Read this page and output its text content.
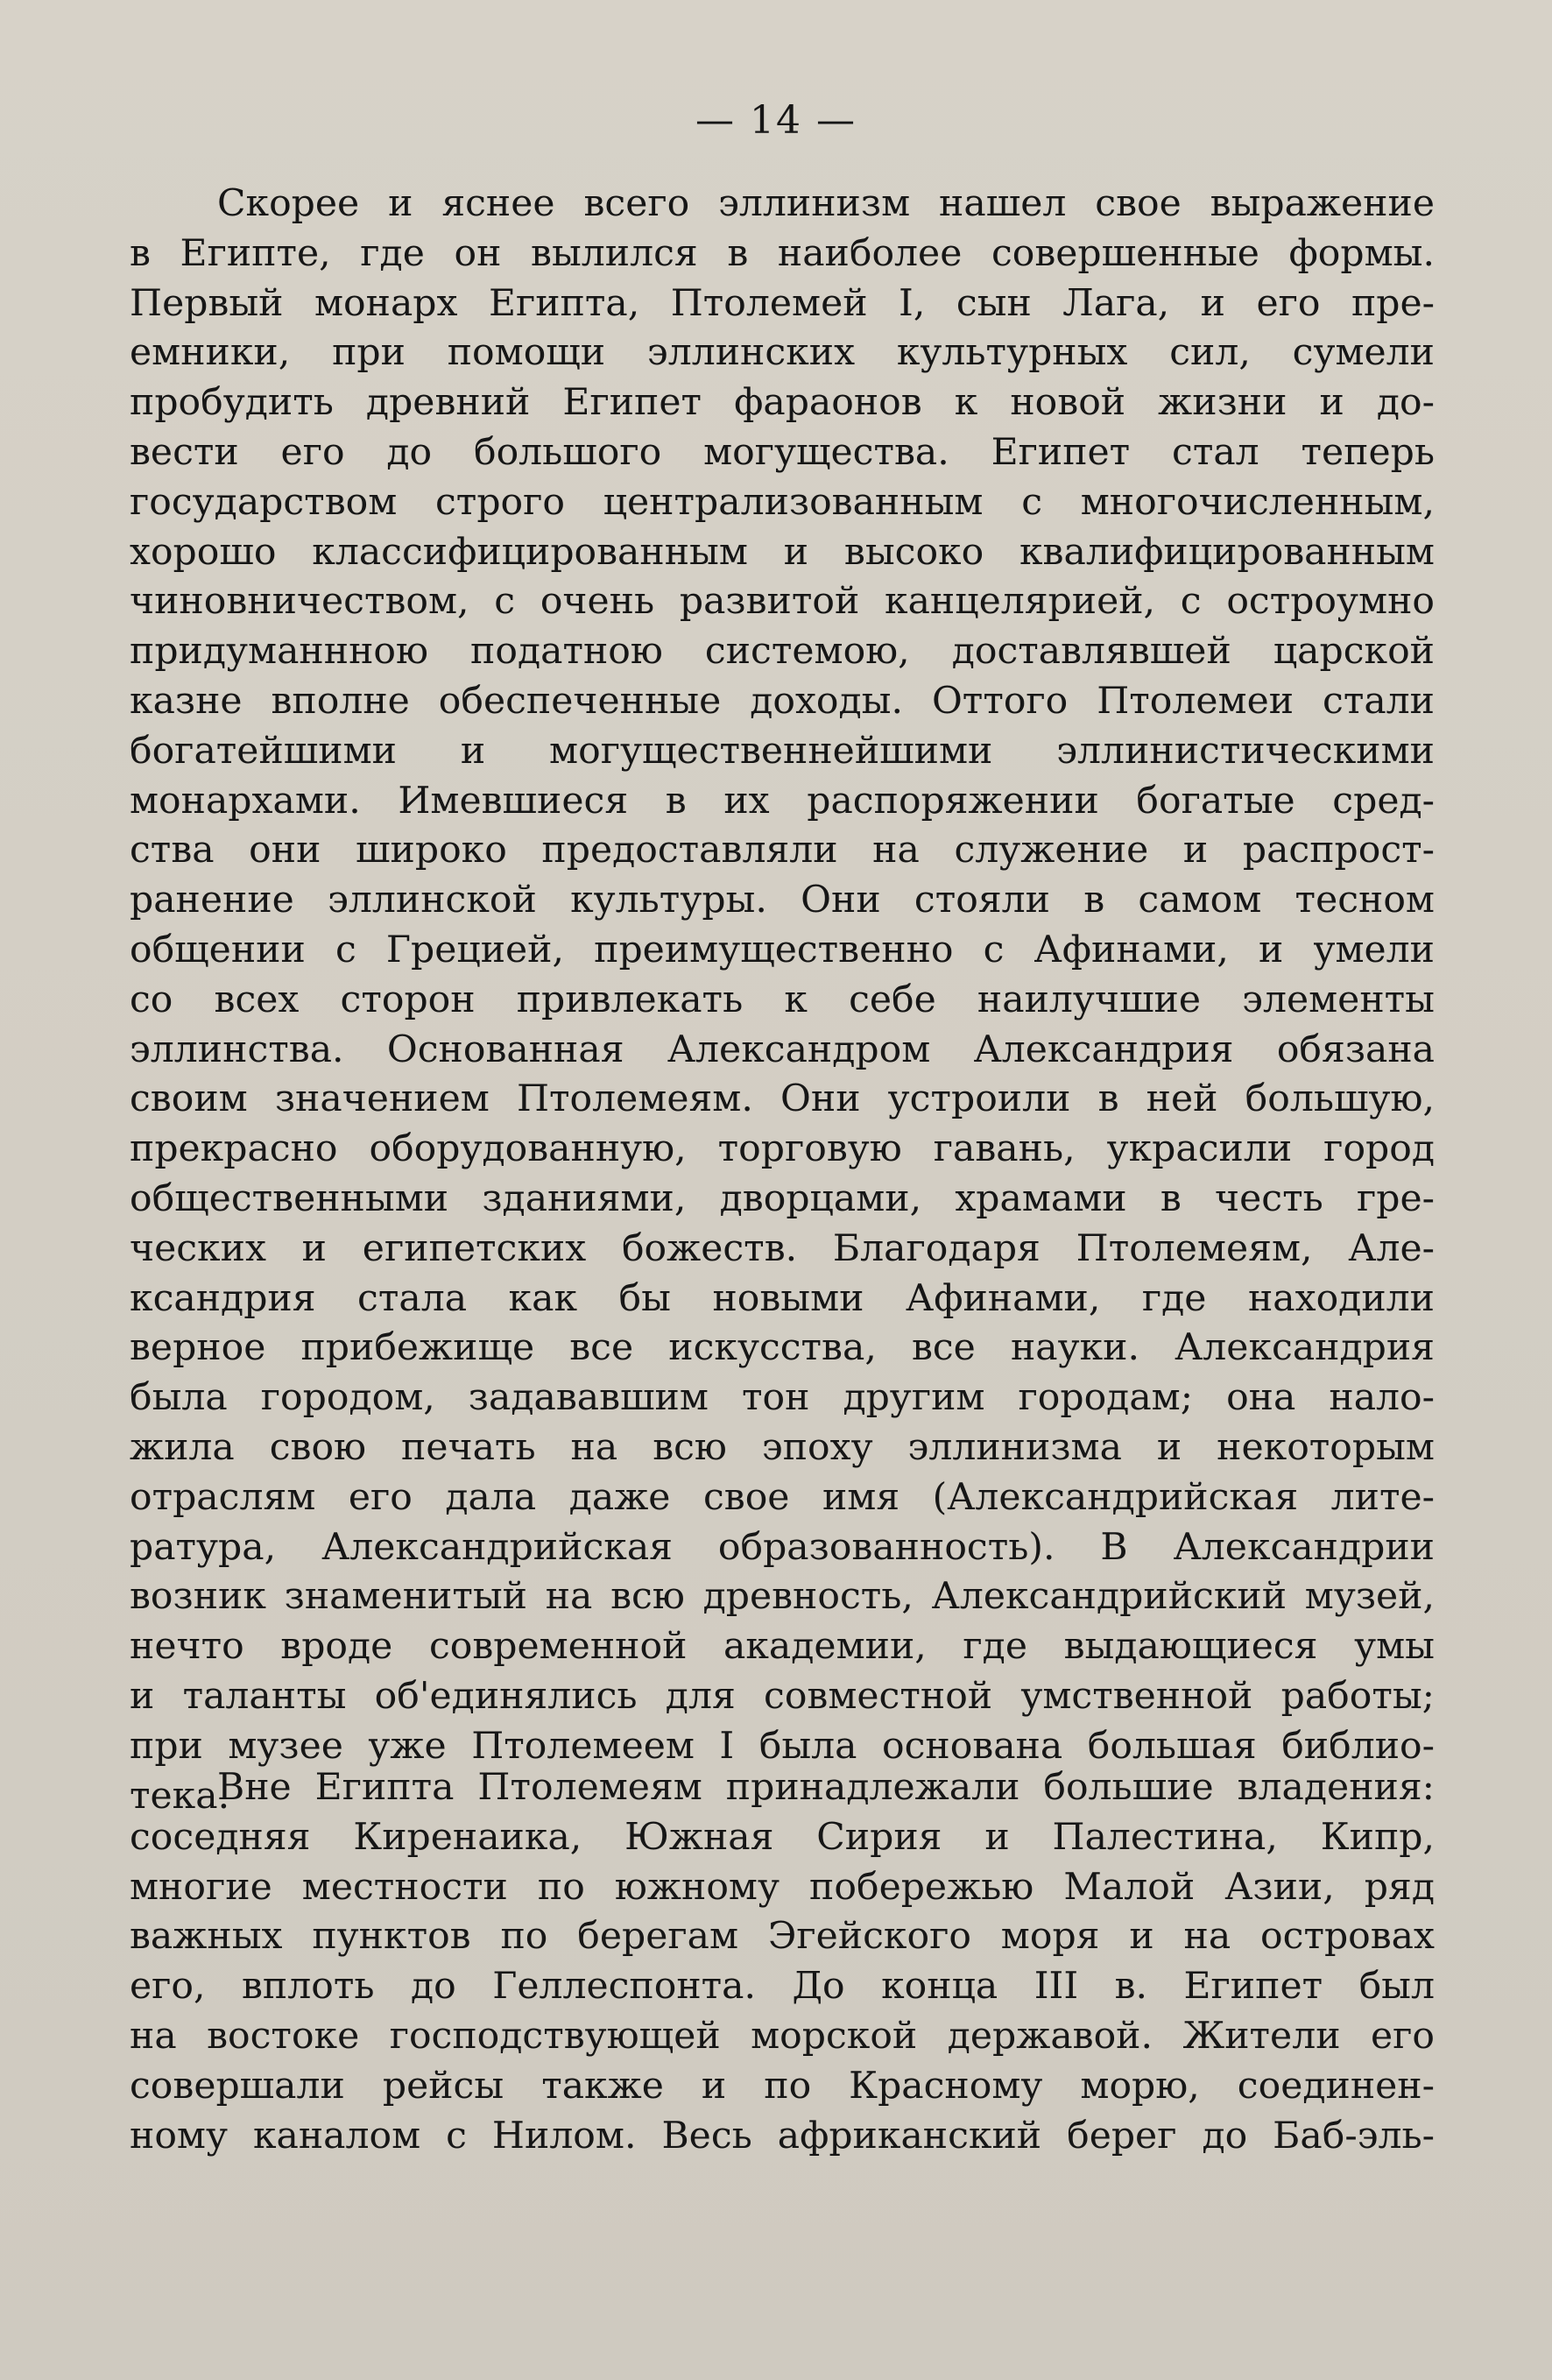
— 14 —
Скорее и яснее всего эллинизм нашел свое выражение
в Египте, где он вылился в наиболее совершенные формы.
Первый монарх Египта, Птолемей I, сын Лага, и его пре-
емники, при помощи эллинских культурных сил, сумели
пробудить древний Египет фараонов к новой жизни и до-
вести его до большого могущества. Египет стал теперь
государством строго централизованным с многочисленным,
хорошо классифицированным и высоко квалифицированным
чиновничеством, с очень развитой канцелярией, с остроумно
придуманнною податною системою, доставлявшей царской
казне вполне обеспеченные доходы. Оттого Птолемеи стали
богатейшими и могущественнейшими эллинистическими
монархами. Имевшиеся в их распоряжении богатые сред-
ства они широко предоставляли на служение и распрост-
ранение эллинской культуры. Они стояли в самом тесном
общении с Грецией, преимущественно с Афинами, и умели
со всех сторон привлекать к себе наилучшие элементы
эллинства. Основанная Александром Александрия обязана
своим значением Птолемеям. Они устроили в ней большую,
прекрасно оборудованную, торговую гавань, украсили город
общественными зданиями, дворцами, храмами в честь гре-
ческих и египетских божеств. Благодаря Птолемеям, Але-
ксандрия стала как бы новыми Афинами, где находили
верное прибежище все искусства, все науки. Александрия
была городом, задававшим тон другим городам; она нало-
жила свою печать на всю эпоху эллинизма и некоторым
отраслям его дала даже свое имя (Александрийская лите-
ратура, Александрийская образованность). В Александрии
возник знаменитый на всю древность, Александрийский музей,
нечто вроде современной академии, где выдающиеся умы
и таланты об'единялись для совместной умственной работы;
при музее уже Птолемеем I была основана большая библио-
тека.
Вне Египта Птолемеям принадлежали большие владения:
соседняя Киренаика, Южная Сирия и Палестина, Кипр,
многие местности по южному побережью Малой Азии, ряд
важных пунктов по берегам Эгейского моря и на островах
его, вплоть до Геллеспонта. До конца III в. Египет был
на востоке господствующей морской державой. Жители его
совершали рейсы также и по Красному морю, соединен-
ному каналом с Нилом. Весь африканский берег до Баб-эль-
